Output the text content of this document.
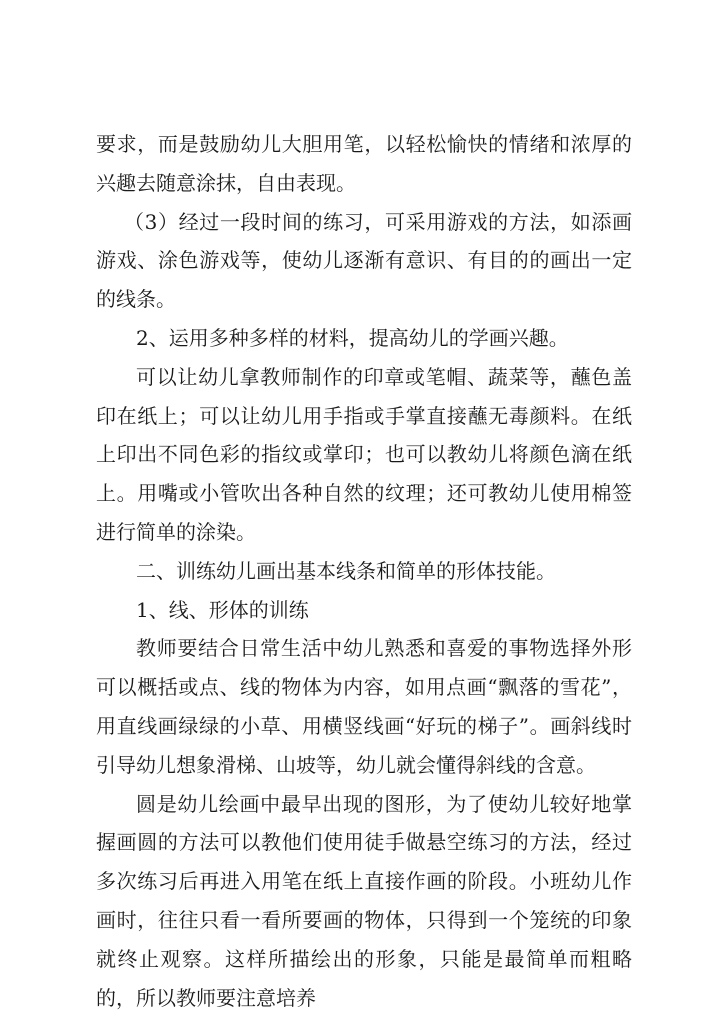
要求，而是鼓励幼儿大胆用笔，以轻松愉快的情绪和浓厚的兴趣去随意涂抹，自由表现。

（3）经过一段时间的练习，可采用游戏的方法，如添画游戏、涂色游戏等，使幼儿逐渐有意识、有目的的画出一定的线条。

2、运用多种多样的材料，提高幼儿的学画兴趣。

可以让幼儿拿教师制作的印章或笔帽、蔬菜等，蘸色盖印在纸上；可以让幼儿用手指或手掌直接蘸无毒颜料。在纸上印出不同色彩的指纹或掌印；也可以教幼儿将颜色滴在纸上。用嘴或小管吹出各种自然的纹理；还可教幼儿使用棉签进行简单的涂染。

二、训练幼儿画出基本线条和简单的形体技能。

1、线、形体的训练

教师要结合日常生活中幼儿熟悉和喜爱的事物选择外形可以概括或点、线的物体为内容，如用点画“飘落的雪花”，用直线画绿绿的小草、用横竖线画“好玩的梯子”。画斜线时引导幼儿想象滑梯、山坡等，幼儿就会懂得斜线的含意。

圆是幼儿绘画中最早出现的图形，为了使幼儿较好地掌握画圆的方法可以教他们使用徒手做悬空练习的方法，经过多次练习后再进入用笔在纸上直接作画的阶段。小班幼儿作画时，往往只看一看所要画的物体，只得到一个笼统的印象就终止观察。这样所描绘出的形象，只能是最简单而粗略的，所以教师要注意培养
